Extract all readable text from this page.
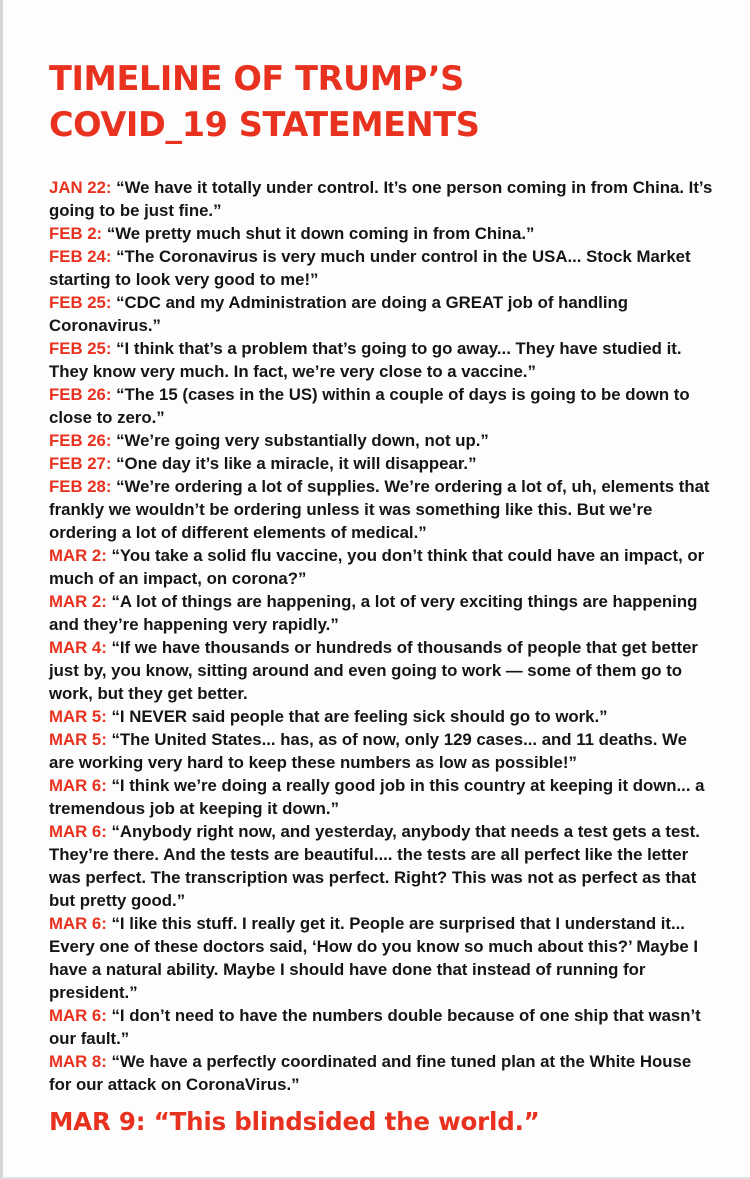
TIMELINE OF TRUMP’S
COVID_19 STATEMENTS

JAN 22: “We have it totally under control. It’s one person coming in from China. It’s going to be just fine.”

FEB 2: “We pretty much shut it down coming in from China.”

FEB 24: “The Coronavirus is very much under control in the USA... Stock Market starting to look very good to me!”

FEB 25: “CDC and my Administration are doing a GREAT job of handling Coronavirus.”

FEB 25: “I think that’s a problem that’s going to go away... They have studied it. They know very much. In fact, we’re very close to a vaccine.”

FEB 26: “The 15 (cases in the US) within a couple of days is going to be down to close to zero.”

FEB 26: “We’re going very substantially down, not up.”

FEB 27: “One day it’s like a miracle, it will disappear.”

FEB 28: “We’re ordering a lot of supplies. We’re ordering a lot of, uh, elements that frankly we wouldn’t be ordering unless it was something like this. But we’re ordering a lot of different elements of medical.”

MAR 2: “You take a solid flu vaccine, you don’t think that could have an impact, or much of an impact, on corona?”

MAR 2: “A lot of things are happening, a lot of very exciting things are happening and they’re happening very rapidly.”

MAR 4: “If we have thousands or hundreds of thousands of people that get better just by, you know, sitting around and even going to work — some of them go to work, but they get better.

MAR 5: “I NEVER said people that are feeling sick should go to work.”

MAR 5: “The United States... has, as of now, only 129 cases... and 11 deaths. We are working very hard to keep these numbers as low as possible!”

MAR 6: “I think we’re doing a really good job in this country at keeping it down... a tremendous job at keeping it down.”

MAR 6: “Anybody right now, and yesterday, anybody that needs a test gets a test. They’re there. And the tests are beautiful.... the tests are all perfect like the letter was perfect. The transcription was perfect. Right? This was not as perfect as that but pretty good.”

MAR 6: “I like this stuff. I really get it. People are surprised that I understand it... Every one of these doctors said, ‘How do you know so much about this?’ Maybe I have a natural ability. Maybe I should have done that instead of running for president.”

MAR 6: “I don’t need to have the numbers double because of one ship that wasn’t our fault.”

MAR 8: “We have a perfectly coordinated and fine tuned plan at the White House for our attack on CoronaVirus.”

MAR 9: “This blindsided the world.”
